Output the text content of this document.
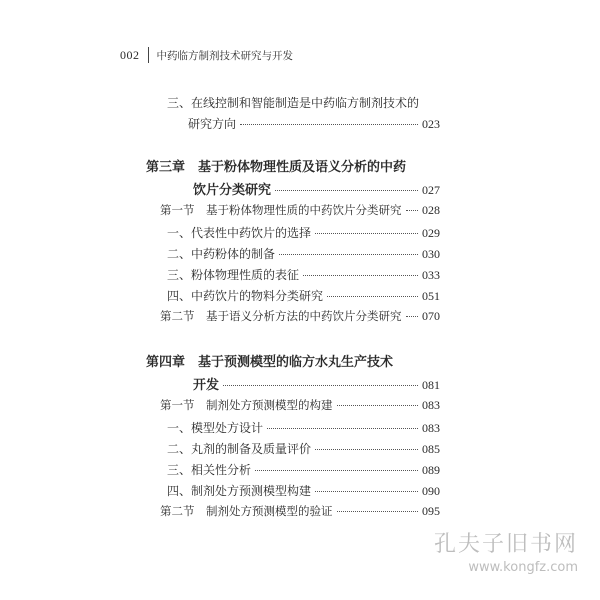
002 中药临方制剂技术研究与开发
三、在线控制和智能制造是中药临方制剂技术的
研究方向	023
第三章　基于粉体物理性质及语义分析的中药
饮片分类研究	027
第一节　基于粉体物理性质的中药饮片分类研究 028
一、代表性中药饮片的选择	029
二、中药粉体的制备	030
三、粉体物理性质的表征	033
四、中药饮片的物料分类研究	051
第二节　基于语义分析方法的中药饮片分类研究 070
第四章　基于预测模型的临方水丸生产技术
开发	081
第一节　制剂处方预测模型的构建	083
一、模型处方设计	083
二、丸剂的制备及质量评价	085
三、相关性分析	089
四、制剂处方预测模型构建	090
第二节　制剂处方预测模型的验证	095
孔夫子旧书网
www.kongfz.com
